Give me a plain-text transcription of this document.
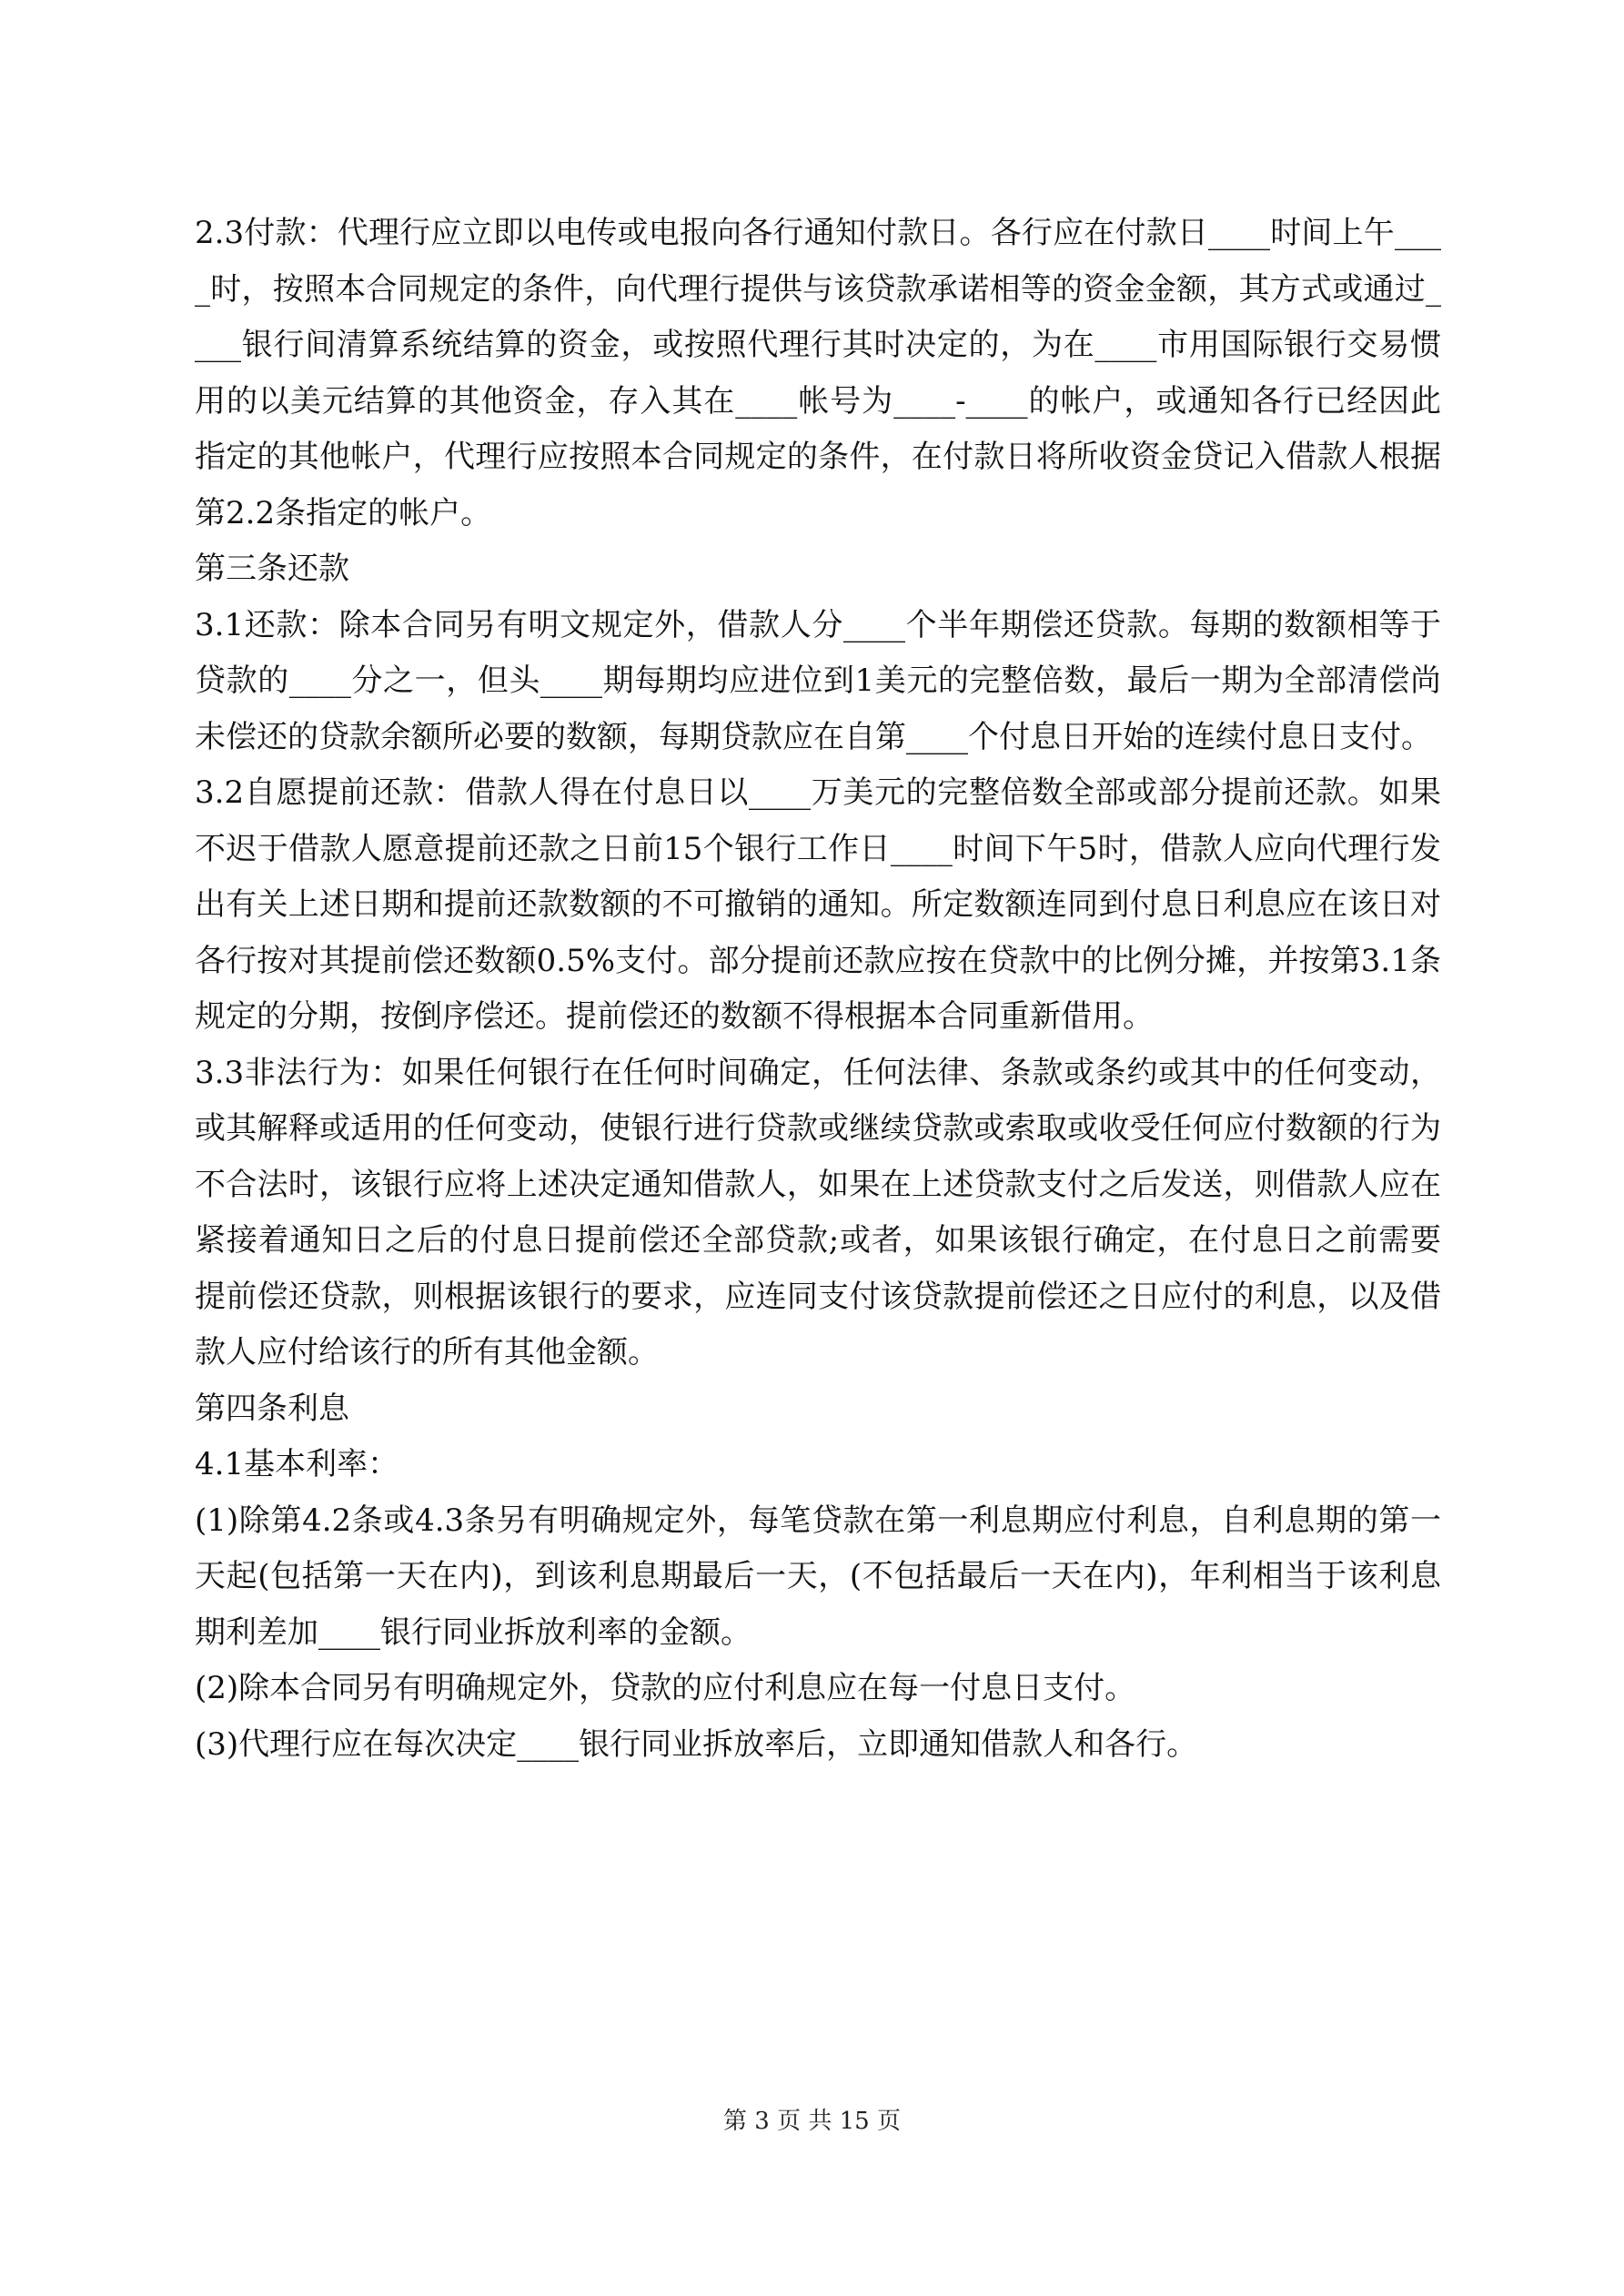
2.3付款：代理行应立即以电传或电报向各行通知付款日。各行应在付款日____时间上午____时，按照本合同规定的条件，向代理行提供与该贷款承诺相等的资金金额，其方式或通过____银行间清算系统结算的资金，或按照代理行其时决定的，为在____市用国际银行交易惯用的以美元结算的其他资金，存入其在____帐号为____-____的帐户，或通知各行已经因此指定的其他帐户，代理行应按照本合同规定的条件，在付款日将所收资金贷记入借款人根据第2.2条指定的帐户。

第三条还款

3.1还款：除本合同另有明文规定外，借款人分____个半年期偿还贷款。每期的数额相等于贷款的____分之一，但头____期每期均应进位到1美元的完整倍数，最后一期为全部清偿尚未偿还的贷款余额所必要的数额，每期贷款应在自第____个付息日开始的连续付息日支付。

3.2自愿提前还款：借款人得在付息日以____万美元的完整倍数全部或部分提前还款。如果不迟于借款人愿意提前还款之日前15个银行工作日____时间下午5时，借款人应向代理行发出有关上述日期和提前还款数额的不可撤销的通知。所定数额连同到付息日利息应在该日对各行按对其提前偿还数额0.5%支付。部分提前还款应按在贷款中的比例分摊，并按第3.1条规定的分期，按倒序偿还。提前偿还的数额不得根据本合同重新借用。

3.3非法行为：如果任何银行在任何时间确定，任何法律、条款或条约或其中的任何变动，或其解释或适用的任何变动，使银行进行贷款或继续贷款或索取或收受任何应付数额的行为不合法时，该银行应将上述决定通知借款人，如果在上述贷款支付之后发送，则借款人应在紧接着通知日之后的付息日提前偿还全部贷款;或者，如果该银行确定，在付息日之前需要提前偿还贷款，则根据该银行的要求，应连同支付该贷款提前偿还之日应付的利息，以及借款人应付给该行的所有其他金额。

第四条利息

4.1基本利率：

(1)除第4.2条或4.3条另有明确规定外，每笔贷款在第一利息期应付利息，自利息期的第一天起(包括第一天在内)，到该利息期最后一天，(不包括最后一天在内)，年利相当于该利息期利差加____银行同业拆放利率的金额。

(2)除本合同另有明确规定外，贷款的应付利息应在每一付息日支付。

(3)代理行应在每次决定____银行同业拆放率后，立即通知借款人和各行。

第 3 页 共 15 页
